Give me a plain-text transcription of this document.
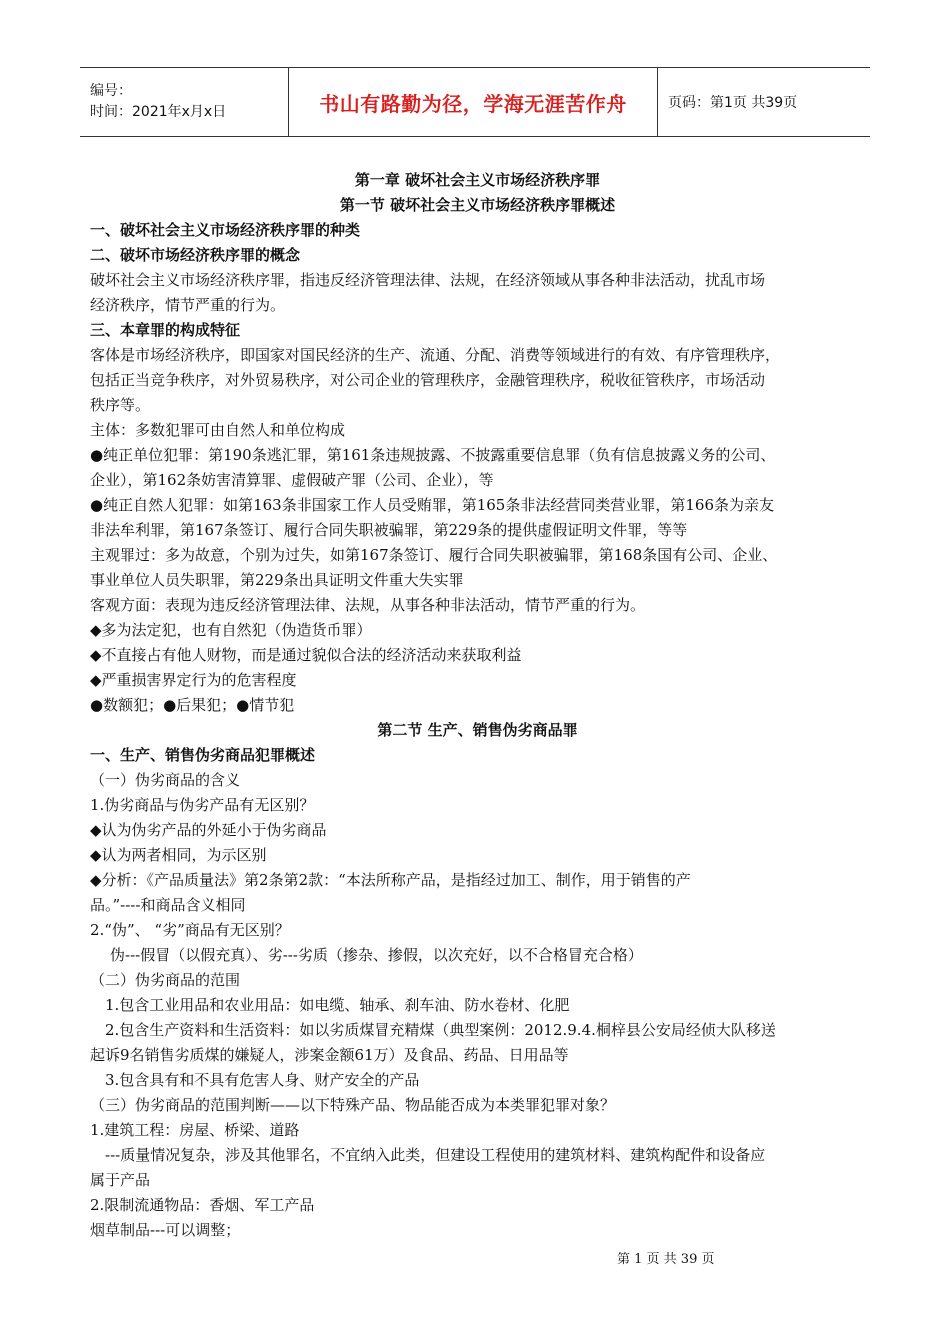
编号：
时间：2021年x月x日	书山有路勤为径，学海无涯苦作舟	页码：第1页 共39页
第一章 破坏社会主义市场经济秩序罪
第一节 破坏社会主义市场经济秩序罪概述
一、破坏社会主义市场经济秩序罪的种类
二、破坏市场经济秩序罪的概念
破坏社会主义市场经济秩序罪，指违反经济管理法律、法规，在经济领域从事各种非法活动，扰乱市场
经济秩序，情节严重的行为。
三、本章罪的构成特征
客体是市场经济秩序，即国家对国民经济的生产、流通、分配、消费等领域进行的有效、有序管理秩序，
包括正当竞争秩序，对外贸易秩序，对公司企业的管理秩序，金融管理秩序，税收征管秩序，市场活动
秩序等。
主体：多数犯罪可由自然人和单位构成
●纯正单位犯罪：第190条逃汇罪，第161条违规披露、不披露重要信息罪（负有信息披露义务的公司、
企业），第162条妨害清算罪、虚假破产罪（公司、企业），等
●纯正自然人犯罪：如第163条非国家工作人员受贿罪，第165条非法经营同类营业罪，第166条为亲友
非法牟利罪，第167条签订、履行合同失职被骗罪，第229条的提供虚假证明文件罪，等等
主观罪过：多为故意，个别为过失，如第167条签订、履行合同失职被骗罪，第168条国有公司、企业、
事业单位人员失职罪，第229条出具证明文件重大失实罪
客观方面：表现为违反经济管理法律、法规，从事各种非法活动，情节严重的行为。
◆多为法定犯，也有自然犯（伪造货币罪）
◆不直接占有他人财物，而是通过貌似合法的经济活动来获取利益
◆严重损害界定行为的危害程度
●数额犯；●后果犯；●情节犯
第二节 生产、销售伪劣商品罪
一、生产、销售伪劣商品犯罪概述
（一）伪劣商品的含义
1.伪劣商品与伪劣产品有无区别？
◆认为伪劣产品的外延小于伪劣商品
◆认为两者相同，为示区别
◆分析：《产品质量法》第2条第2款：“本法所称产品，是指经过加工、制作，用于销售的产
品。”----和商品含义相同
2.“伪”、 “劣”商品有无区别？
伪---假冒（以假充真）、劣---劣质（掺杂、掺假，以次充好，以不合格冒充合格）
（二）伪劣商品的范围
1.包含工业用品和农业用品：如电缆、轴承、刹车油、防水卷材、化肥
2.包含生产资料和生活资料：如以劣质煤冒充精煤（典型案例：2012.9.4.桐梓县公安局经侦大队移送
起诉9名销售劣质煤的嫌疑人，涉案金额61万）及食品、药品、日用品等
3.包含具有和不具有危害人身、财产安全的产品
（三）伪劣商品的范围判断——以下特殊产品、物品能否成为本类罪犯罪对象？
1.建筑工程：房屋、桥梁、道路
---质量情况复杂，涉及其他罪名，不宜纳入此类，但建设工程使用的建筑材料、建筑构配件和设备应
属于产品
2.限制流通物品：香烟、军工产品
烟草制品---可以调整；
第 1 页 共 39 页
